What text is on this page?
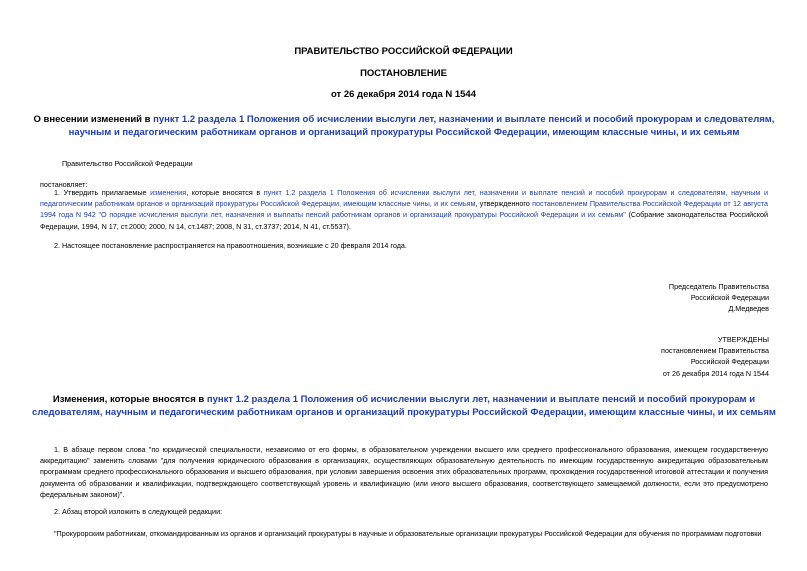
ПРАВИТЕЛЬСТВО РОССИЙСКОЙ ФЕДЕРАЦИИ
ПОСТАНОВЛЕНИЕ
от 26 декабря 2014 года N 1544
О внесении изменений в пункт 1.2 раздела 1 Положения об исчислении выслуги лет, назначении и выплате пенсий и пособий прокурорам и следователям, научным и педагогическим работникам органов и организаций прокуратуры Российской Федерации, имеющим классные чины, и их семьям
Правительство Российской Федерации
постановляет:
1. Утвердить прилагаемые изменения, которые вносятся в пункт 1.2 раздела 1 Положения об исчислении выслуги лет, назначении и выплате пенсий и пособий прокурорам и следователям, научным и педагогическим работникам органов и организаций прокуратуры Российской Федерации, имеющим классные чины, и их семьям, утвержденного постановлением Правительства Российской Федерации от 12 августа 1994 года N 942 "О порядке исчисления выслуги лет, назначения и выплаты пенсий работникам органов и организаций прокуратуры Российской Федерации и их семьям" (Собрание законодательства Российской Федерации, 1994, N 17, ст.2000; 2000, N 14, ст.1487; 2008, N 31, ст.3737; 2014, N 41, ст.5537).
2. Настоящее постановление распространяется на правоотношения, возникшие с 20 февраля 2014 года.
Председатель Правительства
Российской Федерации
Д.Медведев
УТВЕРЖДЕНЫ
постановлением Правительства
Российской Федерации
от 26 декабря 2014 года N 1544
Изменения, которые вносятся в пункт 1.2 раздела 1 Положения об исчислении выслуги лет, назначении и выплате пенсий и пособий прокурорам и следователям, научным и педагогическим работникам органов и организаций прокуратуры Российской Федерации, имеющим классные чины, и их семьям
1. В абзаце первом слова "по юридической специальности, независимо от его формы, в образовательном учреждении высшего или среднего профессионального образования, имеющем государственную аккредитацию" заменить словами "для получения юридического образования в организациях, осуществляющих образовательную деятельность по имеющим государственную аккредитацию образовательным программам среднего профессионального образования и высшего образования, при условии завершения освоения этих образовательных программ, прохождения государственной итоговой аттестации и получения документа об образовании и квалификации, подтверждающего соответствующий уровень и квалификацию (или иного высшего образования, соответствующего замещаемой должности, если это предусмотрено федеральным законом)".
2. Абзац второй изложить в следующей редакции:
"Прокурорским работникам, откомандированным из органов и организаций прокуратуры в научные и образовательные организации прокуратуры Российской Федерации для обучения по программам подготовки
